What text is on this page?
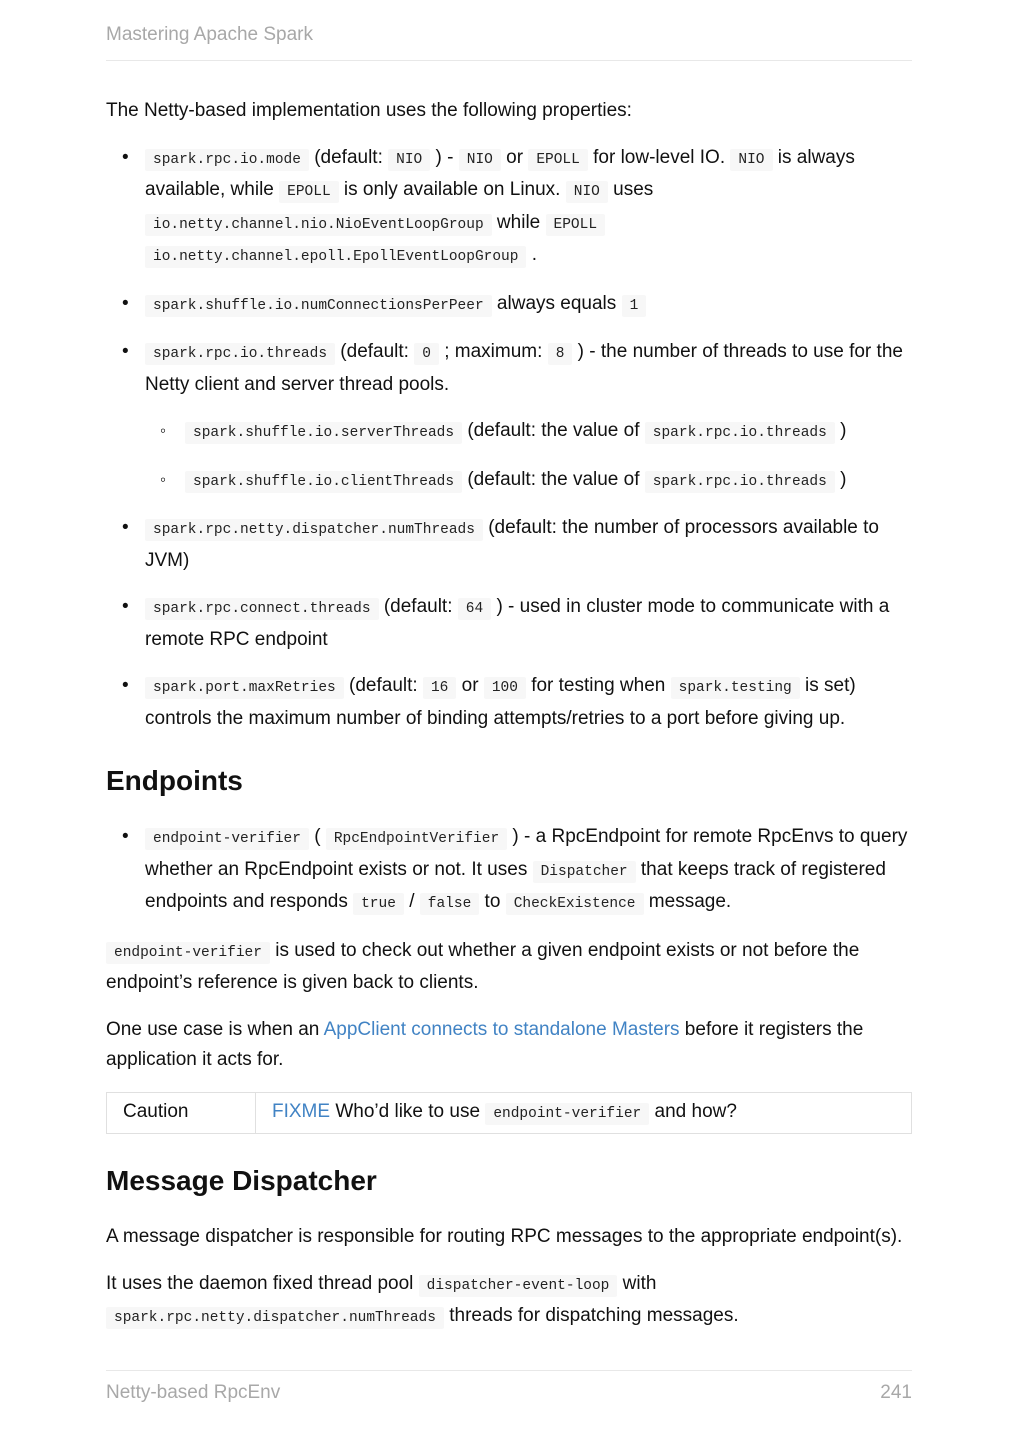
Mastering Apache Spark

The Netty-based implementation uses the following properties:

• spark.rpc.io.mode (default: NIO ) - NIO or EPOLL for low-level IO. NIO is always available, while EPOLL is only available on Linux. NIO uses
io.netty.channel.nio.NioEventLoopGroup while EPOLL
io.netty.channel.epoll.EpollEventLoopGroup .
• spark.shuffle.io.numConnectionsPerPeer always equals 1
• spark.rpc.io.threads (default: 0 ; maximum: 8 ) - the number of threads to use for the Netty client and server thread pools.
◦ spark.shuffle.io.serverThreads (default: the value of spark.rpc.io.threads )
◦ spark.shuffle.io.clientThreads (default: the value of spark.rpc.io.threads )
• spark.rpc.netty.dispatcher.numThreads (default: the number of processors available to JVM)
• spark.rpc.connect.threads (default: 64 ) - used in cluster mode to communicate with a remote RPC endpoint
• spark.port.maxRetries (default: 16 or 100 for testing when spark.testing is set) controls the maximum number of binding attempts/retries to a port before giving up.
Endpoints
• endpoint-verifier ( RpcEndpointVerifier ) - a RpcEndpoint for remote RpcEnvs to query whether an RpcEndpoint exists or not. It uses Dispatcher that keeps track of registered endpoints and responds true / false to CheckExistence message.

endpoint-verifier is used to check out whether a given endpoint exists or not before the endpoint’s reference is given back to clients.

One use case is when an AppClient connects to standalone Masters before it registers the application it acts for.

Caution	FIXME Who’d like to use endpoint-verifier and how?
Message Dispatcher

A message dispatcher is responsible for routing RPC messages to the appropriate endpoint(s).

It uses the daemon fixed thread pool dispatcher-event-loop with
spark.rpc.netty.dispatcher.numThreads threads for dispatching messages.

Netty-based RpcEnv	241
